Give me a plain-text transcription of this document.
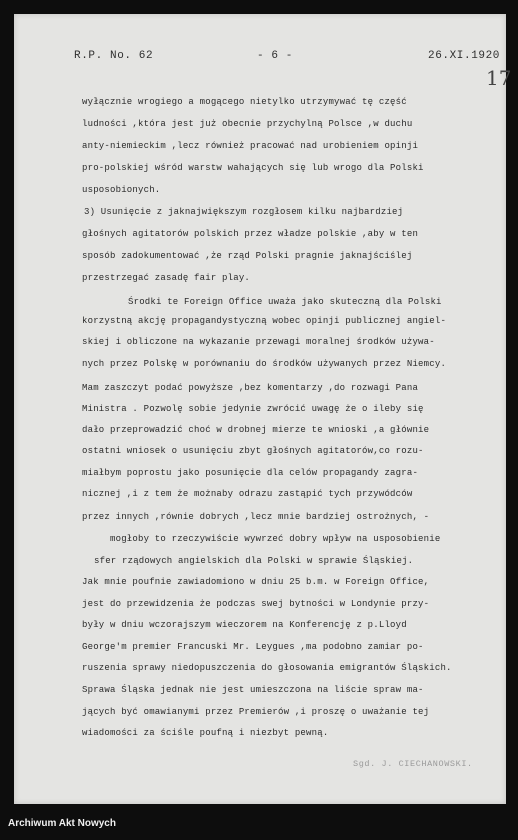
R.P. No. 62	- 6 -	26.XI.1920
17
wyłącznie wrogiego a mogącego nietylko utrzymywać tę część
ludności ,która jest już obecnie przychylną Polsce ,w duchu
anty-niemieckim ,lecz również pracować nad urobieniem opinji
pro-polskiej wśród warstw wahających się lub wrogo dla Polski
usposobionych.
3) Usunięcie z jaknajwiększym rozgłosem kilku najbardziej
głośnych agitatorów polskich przez władze polskie ,aby w ten
sposób zadokumentować ,że rząd Polski pragnie jaknajściślej
przestrzegać zasadę fair play.
Środki te Foreign Office uważa jako skuteczną dla Polski
korzystną akcję propagandystyczną wobec opinji publicznej angiel-
skiej i obliczone na wykazanie przewagi moralnej środków używa-
nych przez Polskę w porównaniu do środków używanych przez Niemcy.
Mam zaszczyt podać powyższe ,bez komentarzy ,do rozwagi Pana
Ministra . Pozwolę sobie jedynie zwrócić uwagę że o ileby się
dało przeprowadzić choć w drobnej mierze te wnioski ,a głównie
ostatni wniosek o usunięciu zbyt głośnych agitatorów,co rozu-
miałbym poprostu jako posunięcie dla celów propagandy zagra-
nicznej ,i z tem że możnaby odrazu zastąpić tych przywódców
przez innych ,równie dobrych ,lecz mnie bardziej ostrożnych, -
mogłoby to rzeczywiście wywrzeć dobry wpływ na usposobienie
sfer rządowych angielskich dla Polski w sprawie Śląskiej.
Jak mnie poufnie zawiadomiono w dniu 25 b.m. w Foreign Office,
jest do przewidzenia że podczas swej bytności w Londynie przy-
były w dniu wczorajszym wieczorem na Konferencję z p.Lloyd
George'm premier Francuski Mr. Leygues ,ma podobno zamiar po-
ruszenia sprawy niedopuszczenia do głosowania emigrantów Śląskich.
Sprawa Śląska jednak nie jest umieszczona na liście spraw ma-
jących być omawianymi przez Premierów ,i proszę o uważanie tej
wiadomości za ściśle poufną i niezbyt pewną.
Sgd. J. CIECHANOWSKI.
Archiwum Akt Nowych
